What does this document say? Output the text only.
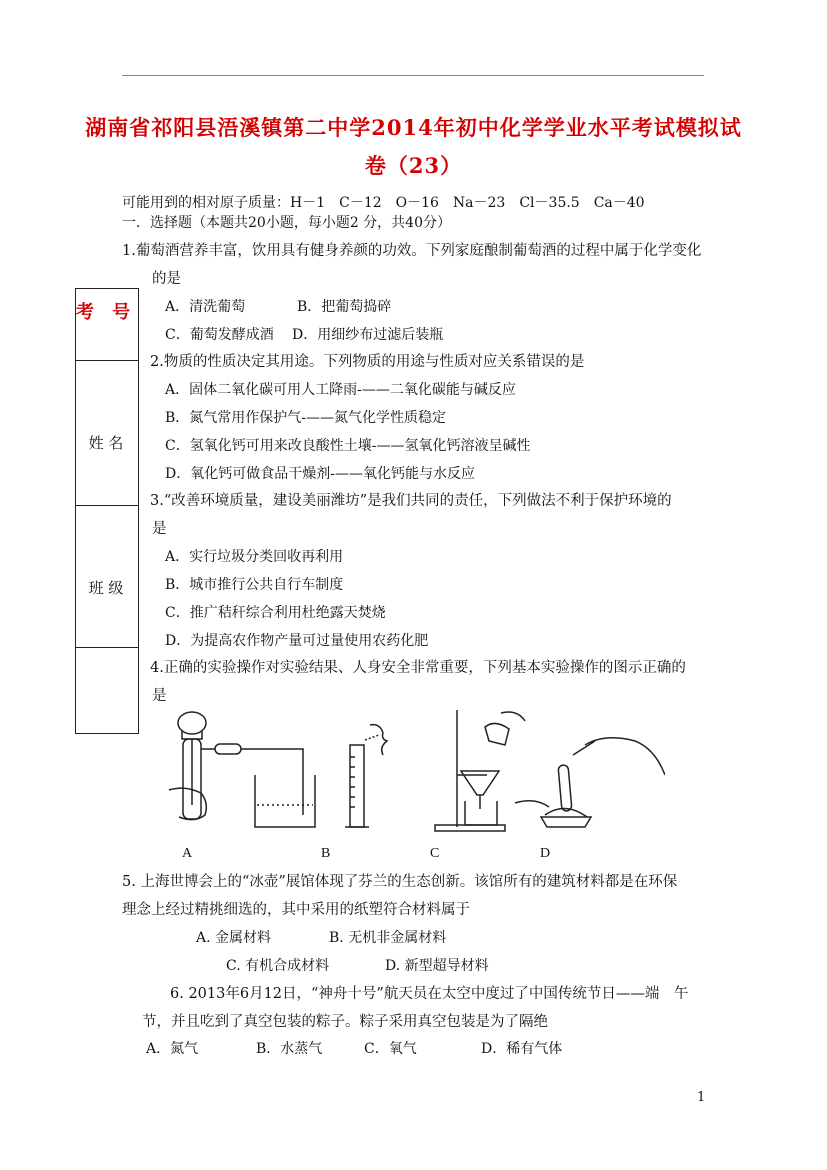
湖南省祁阳县浯溪镇第二中学2014年初中化学学业水平考试模拟试
卷（23）
可能用到的相对原子质量：H－1　C－12　O－16　Na－23　Cl－35.5　Ca－40
一．选择题（本题共20小题，每小题2 分，共40分）
考 号
姓 名
班 级
1.葡萄酒营养丰富，饮用具有健身养颜的功效。下列家庭酿制葡萄酒的过程中属于化学变化
的是
A．清洗葡萄	B．把葡萄捣碎
C．葡萄发酵成酒 D．用细纱布过滤后装瓶
2.物质的性质决定其用途。下列物质的用途与性质对应关系错误的是
A．固体二氧化碳可用人工降雨-——二氧化碳能与碱反应
B．氮气常用作保护气-——氮气化学性质稳定
C．氢氧化钙可用来改良酸性土壤-——氢氧化钙溶液呈碱性
D．氧化钙可做食品干燥剂-——氧化钙能与水反应
3.“改善环境质量，建设美丽潍坊”是我们共同的责任，下列做法不利于保护环境的
是
A．实行垃圾分类回收再利用
B．城市推行公共自行车制度
C．推广秸秆综合利用杜绝露天焚烧
D．为提高农作物产量可过量使用农药化肥
4.正确的实验操作对实验结果、人身安全非常重要，下列基本实验操作的图示正确的
是
A	B	C	D
5. 上海世博会上的“冰壶”展馆体现了芬兰的生态创新。该馆所有的建筑材料都是在环保
理念上经过精挑细选的，其中采用的纸塑符合材料属于
A. 金属材料	B. 无机非金属材料
C. 有机合成材料	D. 新型超导材料
6. 2013年6月12日，“神舟十号”航天员在太空中度过了中国传统节日——端　午
节，并且吃到了真空包装的粽子。粽子采用真空包装是为了隔绝
A．氮气	B．水蒸气	C．氧气	D．稀有气体
1
